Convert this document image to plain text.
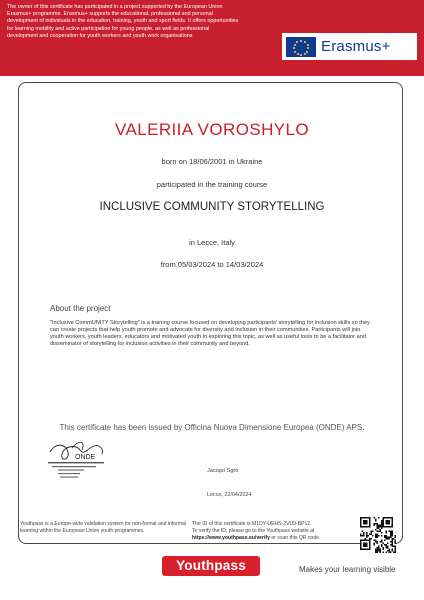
The owner of this certificate has participated in a project supported by the European Union Erasmus+ programme. Erasmus+ supports the educational, professional and personal development of individuals in the education, training, youth and sport fields. It offers opportunities for learning mobility and active participation for young people, as well as professional development and cooperation for youth workers and youth work organisations
Erasmus+
VALERIIA VOROSHYLO
born on 18/06/2001 in Ukraine
participated in the training course
INCLUSIVE COMMUNITY STORYTELLING
in Lecce, Italy
from 05/03/2024 to 14/03/2024
About the project
"Inclusive CommUNITY Storytelling" is a training course focused on developing participants' storytelling for inclusion skills so they can create projects that help youth promote and advocate for diversity and inclusion in their communities. Participants will join youth workers, youth leaders, educators and motivated youth in exploring this topic, as well as useful tools to be a facilitator and disseminator of storytelling for inclusion activities in their community and beyond.
This certificate has been issued by Officina Nuova Dimensione Europea (ONDE) APS.
ONDE
Jacopo Sgrò
Lecce, 22/04/2024
Youthpass is a Europe-wide validation system for non-formal and informal learning within the European Union youth programmes.
The ID of this certificate is M1DY-UEHS-2VU9-BP12.
To verify the ID, please go to the Youthpass website at
https://www.youthpass.eu/verify or scan this QR code.
Youthpass	Makes your learning visible
